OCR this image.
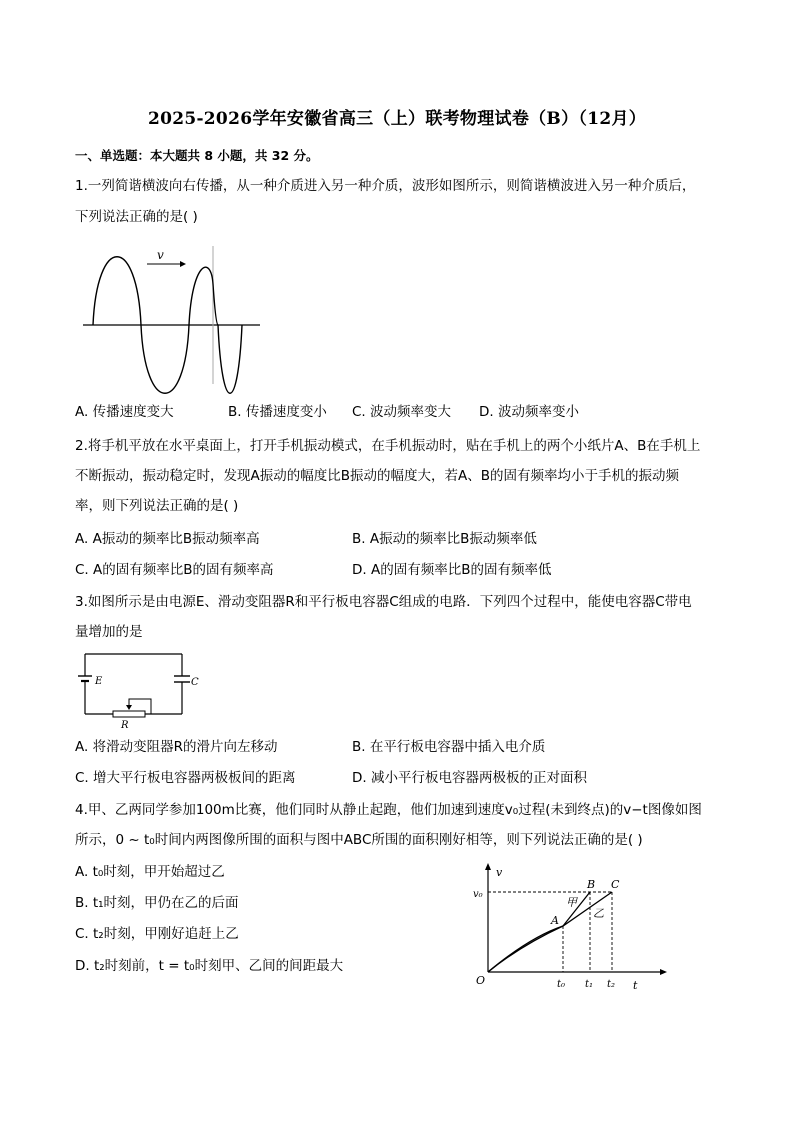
2025-2026学年安徽省高三（上）联考物理试卷（B）（12月）
一、单选题：本大题共 8 小题，共 32 分。
1.一列简谐横波向右传播，从一种介质进入另一种介质，波形如图所示，则简谐横波进入另一种介质后，
下列说法正确的是( )
v
A. 传播速度变大	B. 传播速度变小 C. 波动频率变大 D. 波动频率变小
2.将手机平放在水平桌面上，打开手机振动模式，在手机振动时，贴在手机上的两个小纸片A、B在手机上
不断振动，振动稳定时，发现A振动的幅度比B振动的幅度大，若A、B的固有频率均小于手机的振动频
率，则下列说法正确的是( )
A. A振动的频率比B振动频率高	B. A振动的频率比B振动频率低
C. A的固有频率比B的固有频率高	D. A的固有频率比B的固有频率低
3.如图所示是由电源E、滑动变阻器R和平行板电容器C组成的电路．下列四个过程中，能使电容器C带电
量增加的是
E	C
R
A. 将滑动变阻器R的滑片向左移动	B. 在平行板电容器中插入电介质
C. 增大平行板电容器两极板间的距离	D. 减小平行板电容器两极板的正对面积
4.甲、乙两同学参加100m比赛，他们同时从静止起跑，他们加速到速度v₀过程(未到终点)的v−t图像如图
所示，0 ~ t₀时间内两图像所围的面积与图中ABC所围的面积刚好相等，则下列说法正确的是( )
A. t₀时刻，甲开始超过乙
B. t₁时刻，甲仍在乙的后面
C. t₂时刻，甲刚好追赶上乙
D. t₂时刻前，t = t₀时刻甲、乙间的间距最大
v
t
O
v₀
A
B C
甲
乙
t₀ t₁ t₂
